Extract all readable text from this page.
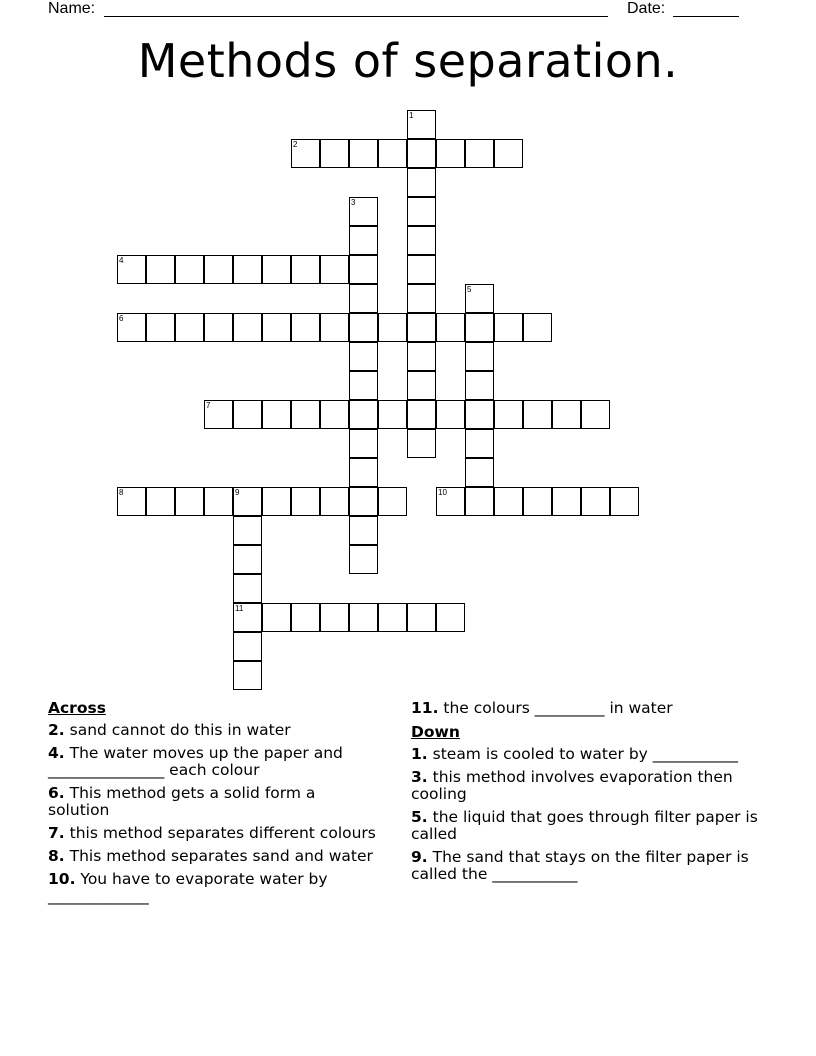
Name:	Date:
Methods of separation.
1
2
3
4
5
6
7
8	9
11
10
Across
2. sand cannot do this in water
4. The water moves up the paper and _______________ each colour
6. This method gets a solid form a solution
7. this method separates different colours
8. This method separates sand and water
10. You have to evaporate water by _____________
11. the colours _________ in water
Down
1. steam is cooled to water by ___________
3. this method involves evaporation then cooling
5. the liquid that goes through filter paper is called
9. The sand that stays on the filter paper is called the ___________
